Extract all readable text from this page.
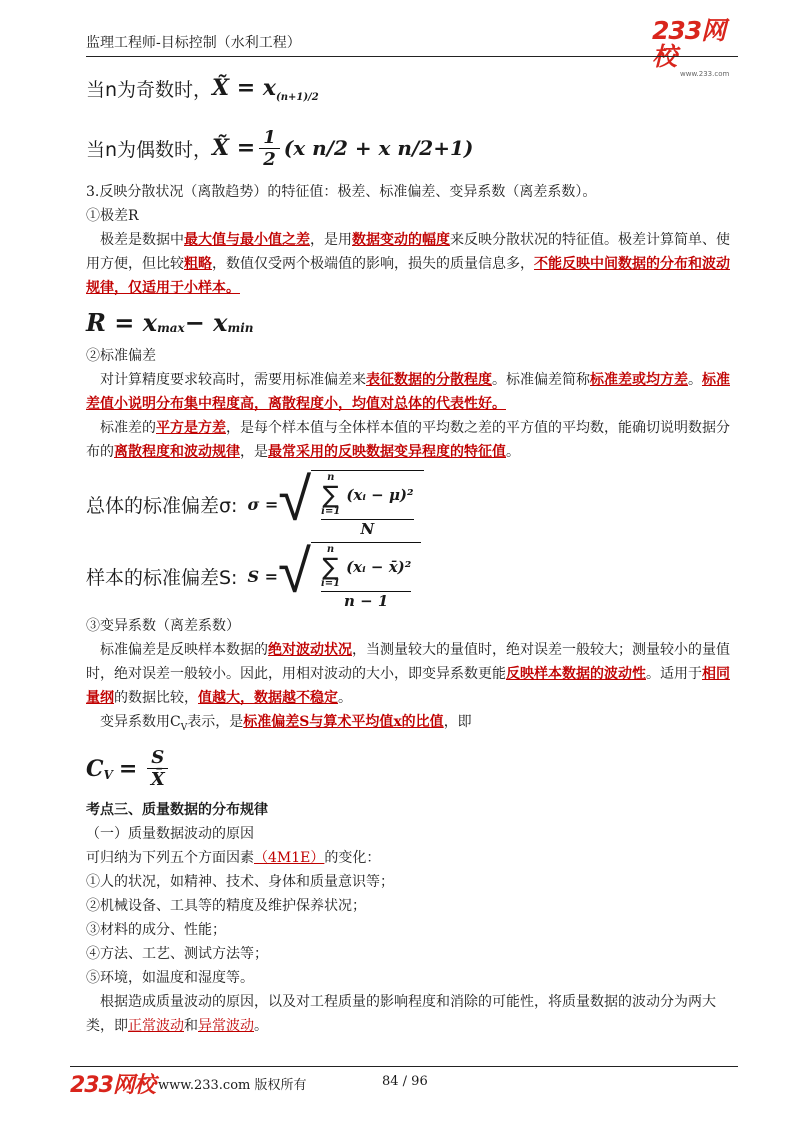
监理工程师-目标控制（水利工程）	233网校
www.233.com
当n为奇数时， X̃ = x (n+1)/2
当n为偶数时， X̃ = $\frac{1}{2} (x$ n/2 + x n/2+1)

3.反映分散状况（离散趋势）的特征值：极差、标准偏差、变异系数（离差系数）。

①极差R

极差是数据中最大值与最小值之差，是用数据变动的幅度来反映分散状况的特征值。极差计算简单、使用方便，但比较粗略，数值仅受两个极端值的影响，损失的质量信息多，不能反映中间数据的分布和波动规律，仅适用于小样本。

R = x max − x min

②标准偏差

对计算精度要求较高时，需要用标准偏差来表征数据的分散程度。标准偏差简称标准差或均方差。标准差值小说明分布集中程度高，离散程度小，均值对总体的代表性好。

标准差的平方是方差，是每个样本值与全体样本值的平均数之差的平方值的平均数，能确切说明数据分布的离散程度和波动规律，是最常采用的反映数据变异程度的特征值。

总体的标准偏差σ: σ = √ n
∑
i=1
(xᵢ − μ)²
N
样本的标准偏差S: S = √ n
∑
i=1
(xᵢ − x̄)²
n − 1

③变异系数（离差系数）

标准偏差是反映样本数据的绝对波动状况，当测量较大的量值时，绝对误差一般较大；测量较小的量值时，绝对误差一般较小。因此，用相对波动的大小，即变异系数更能反映样本数据的波动性。适用于相同量纲的数据比较，值越大，数据越不稳定。

变异系数用$C_V$表示，是标准偏差S与算术平均值x的比值，即

C $V = \frac{S}{X̄}$

考点三、质量数据的分布规律

（一）质量数据波动的原因

可归纳为下列五个方面因素（4M1E）的变化：

①人的状况，如精神、技术、身体和质量意识等；

②机械设备、工具等的精度及维护保养状况；

③材料的成分、性能；

④方法、工艺、测试方法等；

⑤环境，如温度和湿度等。

根据造成质量波动的原因，以及对工程质量的影响程度和消除的可能性，将质量数据的波动分为两大类，即正常波动和异常波动。

233网校 www.233.com 版权所有	84 / 96
